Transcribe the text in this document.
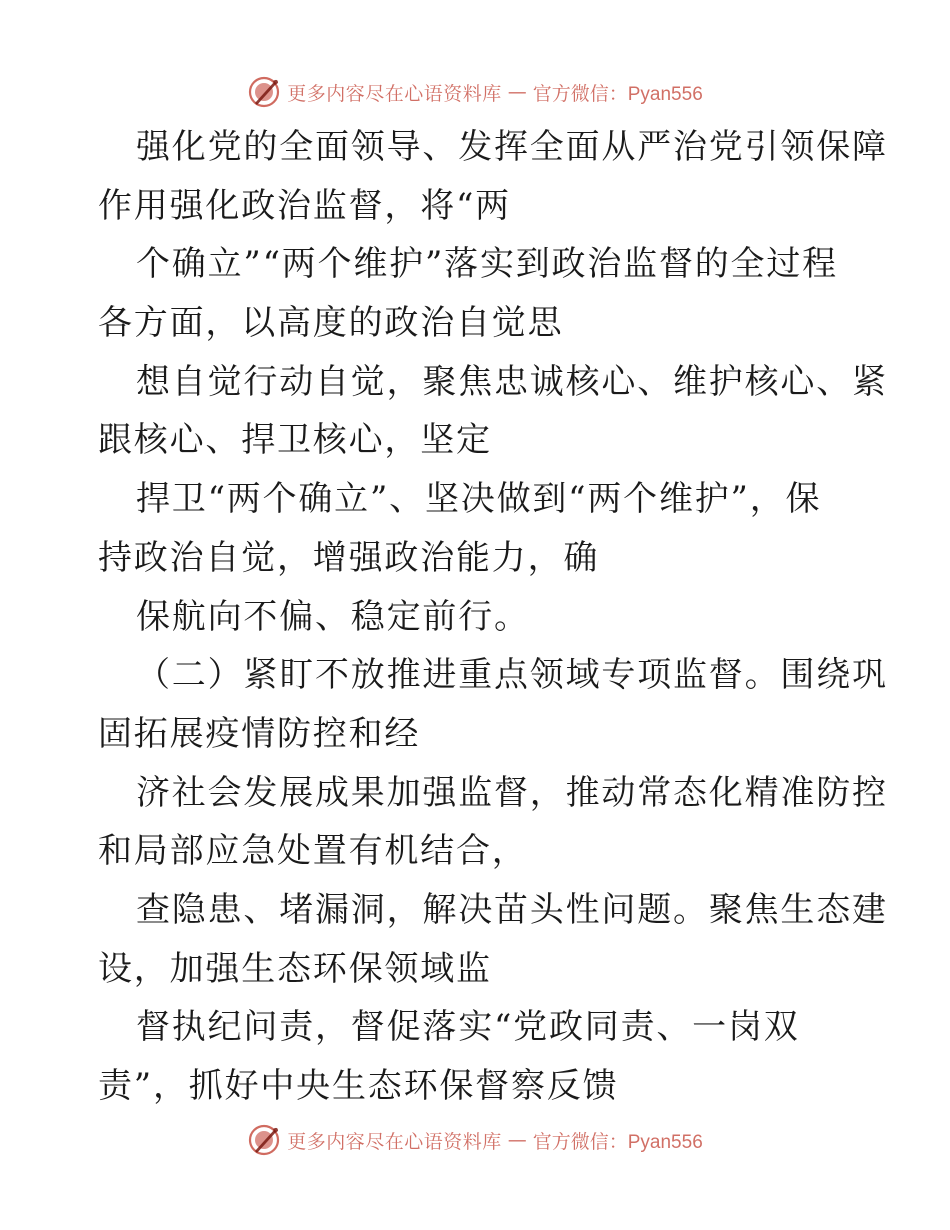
更多内容尽在心语资料库 — 官方微信：Pyan556
强化党的全面领导、发挥全面从严治党引领保障
作用强化政治监督，将“两
个确立”“两个维护”落实到政治监督的全过程
各方面，以高度的政治自觉思
想自觉行动自觉，聚焦忠诚核心、维护核心、紧
跟核心、捍卫核心，坚定
捍卫“两个确立”、坚决做到“两个维护”，保
持政治自觉，增强政治能力，确
保航向不偏、稳定前行。
（二）紧盯不放推进重点领域专项监督。围绕巩
固拓展疫情防控和经
济社会发展成果加强监督，推动常态化精准防控
和局部应急处置有机结合，
查隐患、堵漏洞，解决苗头性问题。聚焦生态建
设，加强生态环保领域监
督执纪问责，督促落实“党政同责、一岗双
责”，抓好中央生态环保督察反馈
更多内容尽在心语资料库 — 官方微信：Pyan556
